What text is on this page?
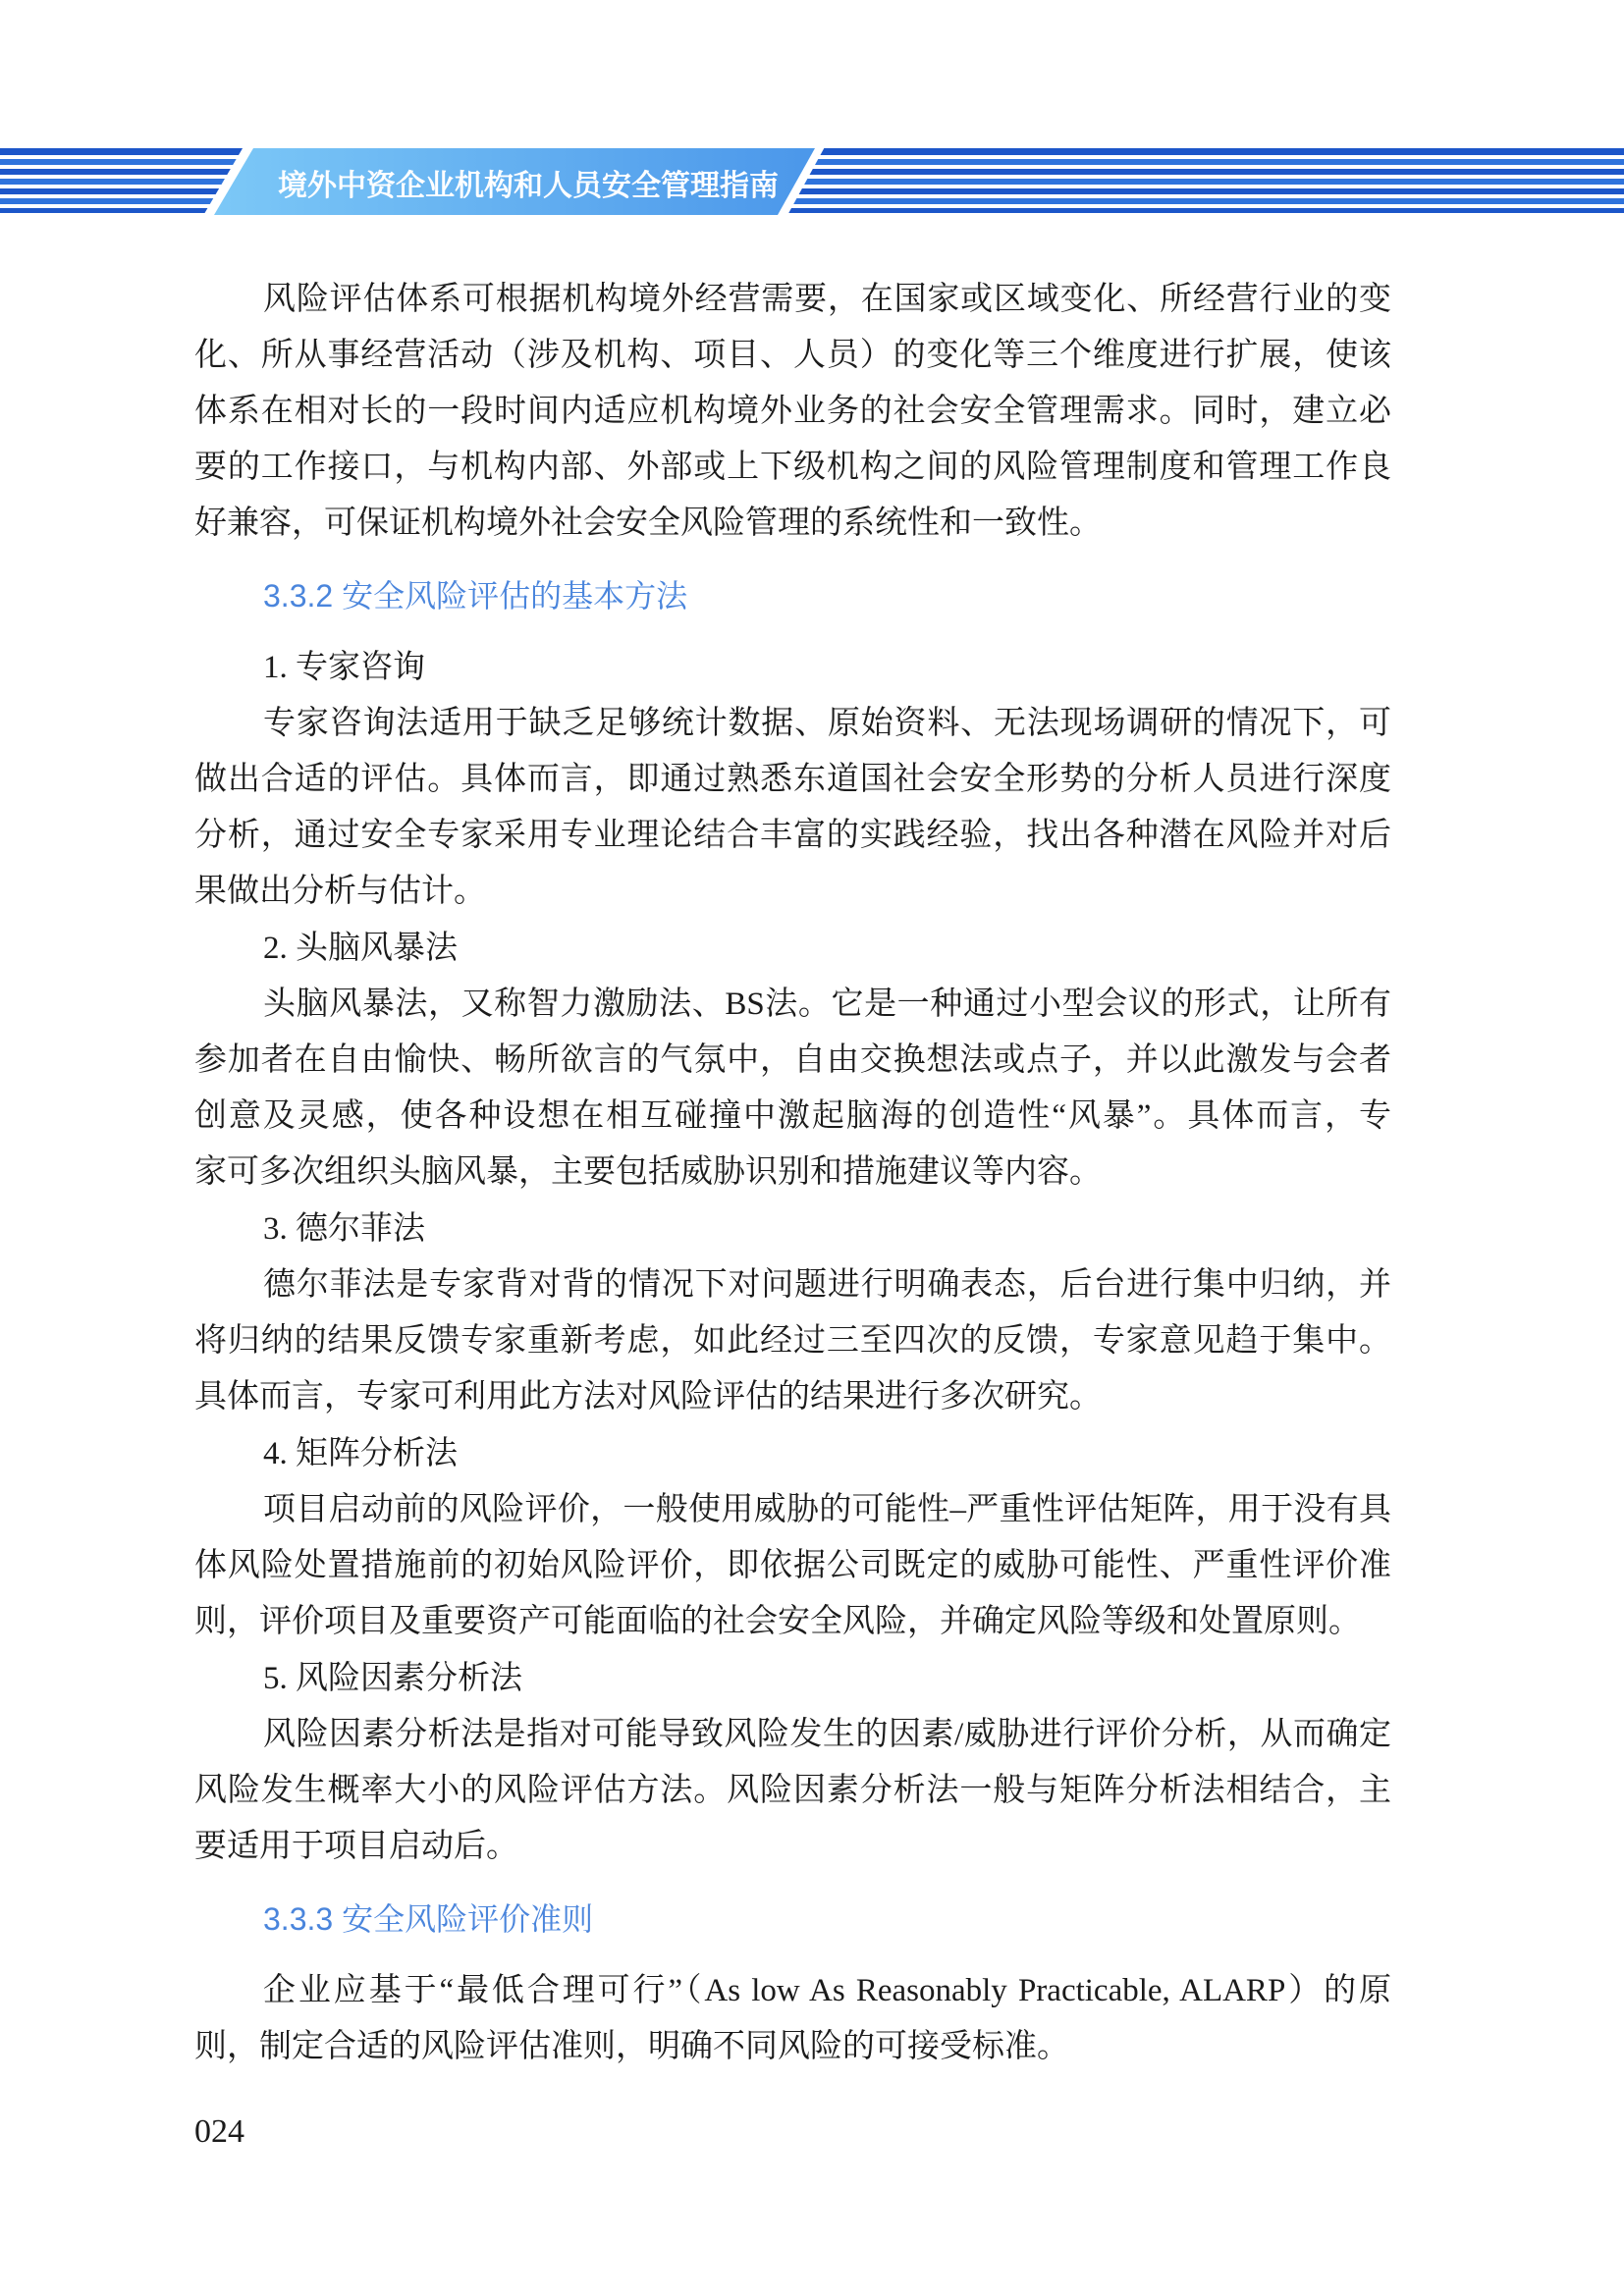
境外中资企业机构和人员安全管理指南
风险评估体系可根据机构境外经营需要，在国家或区域变化、所经营行业的变
化、所从事经营活动（涉及机构、项目、人员）的变化等三个维度进行扩展，使该
体系在相对长的一段时间内适应机构境外业务的社会安全管理需求。同时，建立必
要的工作接口，与机构内部、外部或上下级机构之间的风险管理制度和管理工作良
好兼容，可保证机构境外社会安全风险管理的系统性和一致性。
3.3.2 安全风险评估的基本方法
1. 专家咨询
专家咨询法适用于缺乏足够统计数据、原始资料、无法现场调研的情况下，可
做出合适的评估。具体而言，即通过熟悉东道国社会安全形势的分析人员进行深度
分析，通过安全专家采用专业理论结合丰富的实践经验，找出各种潜在风险并对后
果做出分析与估计。
2. 头脑风暴法
头脑风暴法，又称智力激励法、BS法。它是一种通过小型会议的形式，让所有
参加者在自由愉快、畅所欲言的气氛中，自由交换想法或点子，并以此激发与会者
创意及灵感，使各种设想在相互碰撞中激起脑海的创造性“风暴”。具体而言，专
家可多次组织头脑风暴，主要包括威胁识别和措施建议等内容。
3. 德尔菲法
德尔菲法是专家背对背的情况下对问题进行明确表态，后台进行集中归纳，并
将归纳的结果反馈专家重新考虑，如此经过三至四次的反馈，专家意见趋于集中。
具体而言，专家可利用此方法对风险评估的结果进行多次研究。
4. 矩阵分析法
项目启动前的风险评价，一般使用威胁的可能性–严重性评估矩阵，用于没有具
体风险处置措施前的初始风险评价，即依据公司既定的威胁可能性、严重性评价准
则，评价项目及重要资产可能面临的社会安全风险，并确定风险等级和处置原则。
5. 风险因素分析法
风险因素分析法是指对可能导致风险发生的因素/威胁进行评价分析，从而确定
风险发生概率大小的风险评估方法。风险因素分析法一般与矩阵分析法相结合，主
要适用于项目启动后。
3.3.3 安全风险评价准则
企业应基于“最低合理可行”（As low As Reasonably Practicable, ALARP）的原
则，制定合适的风险评估准则，明确不同风险的可接受标准。
024
